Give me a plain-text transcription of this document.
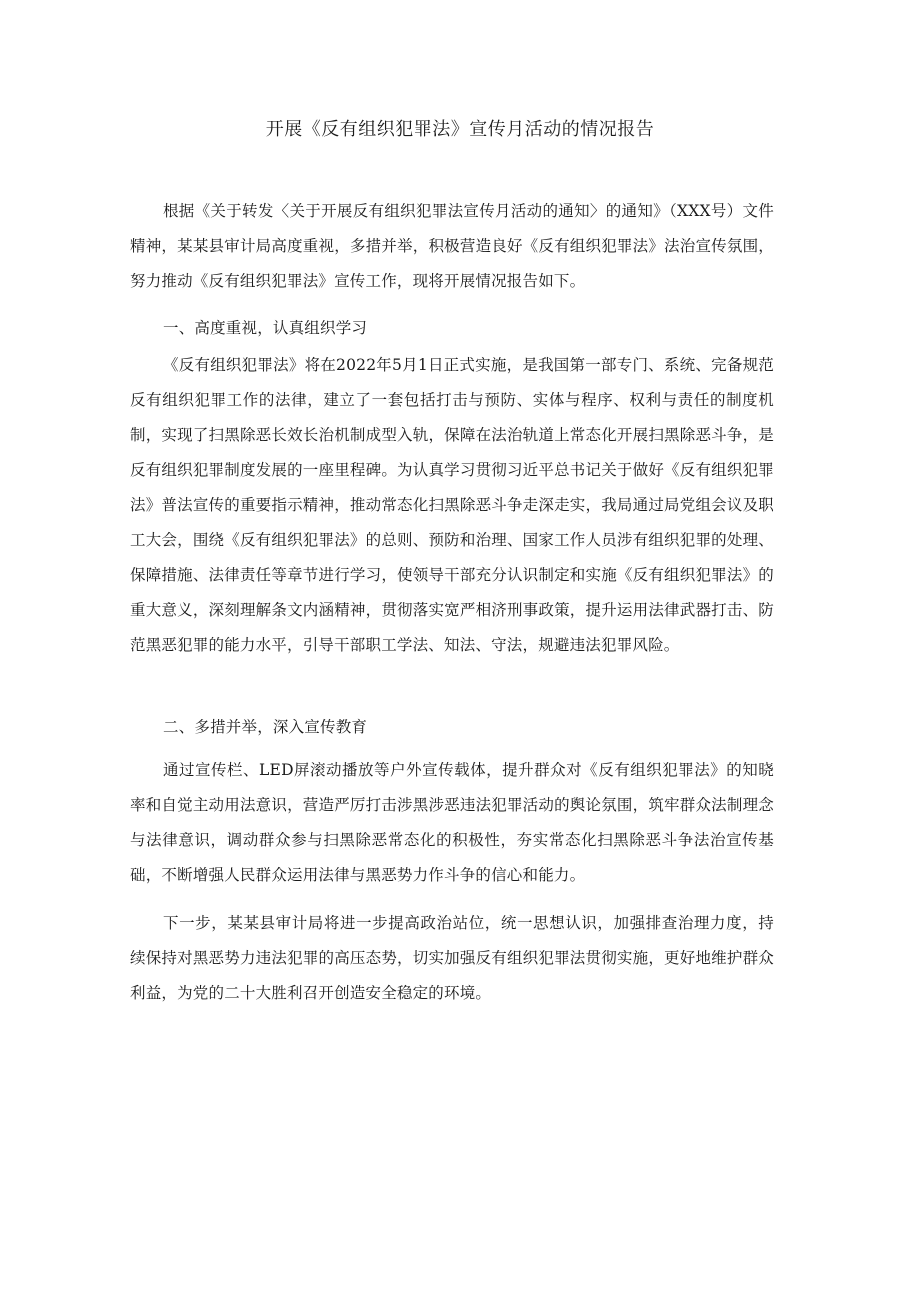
开展《反有组织犯罪法》宣传月活动的情况报告

根据《关于转发〈关于开展反有组织犯罪法宣传月活动的通知〉的通知》（XXX号）文件精神，某某县审计局高度重视，多措并举，积极营造良好《反有组织犯罪法》法治宣传氛围，努力推动《反有组织犯罪法》宣传工作，现将开展情况报告如下。

一、高度重视，认真组织学习

《反有组织犯罪法》将在2022年5月1日正式实施，是我国第一部专门、系统、完备规范反有组织犯罪工作的法律，建立了一套包括打击与预防、实体与程序、权利与责任的制度机制，实现了扫黑除恶长效长治机制成型入轨，保障在法治轨道上常态化开展扫黑除恶斗争，是反有组织犯罪制度发展的一座里程碑。为认真学习贯彻习近平总书记关于做好《反有组织犯罪法》普法宣传的重要指示精神，推动常态化扫黑除恶斗争走深走实，我局通过局党组会议及职工大会，围绕《反有组织犯罪法》的总则、预防和治理、国家工作人员涉有组织犯罪的处理、保障措施、法律责任等章节进行学习，使领导干部充分认识制定和实施《反有组织犯罪法》的重大意义，深刻理解条文内涵精神，贯彻落实宽严相济刑事政策，提升运用法律武器打击、防范黑恶犯罪的能力水平，引导干部职工学法、知法、守法，规避违法犯罪风险。

二、多措并举，深入宣传教育

通过宣传栏、LED屏滚动播放等户外宣传载体，提升群众对《反有组织犯罪法》的知晓率和自觉主动用法意识，营造严厉打击涉黑涉恶违法犯罪活动的舆论氛围，筑牢群众法制理念与法律意识，调动群众参与扫黑除恶常态化的积极性，夯实常态化扫黑除恶斗争法治宣传基础，不断增强人民群众运用法律与黑恶势力作斗争的信心和能力。

下一步，某某县审计局将进一步提高政治站位，统一思想认识，加强排查治理力度，持续保持对黑恶势力违法犯罪的高压态势，切实加强反有组织犯罪法贯彻实施，更好地维护群众利益，为党的二十大胜利召开创造安全稳定的环境。
